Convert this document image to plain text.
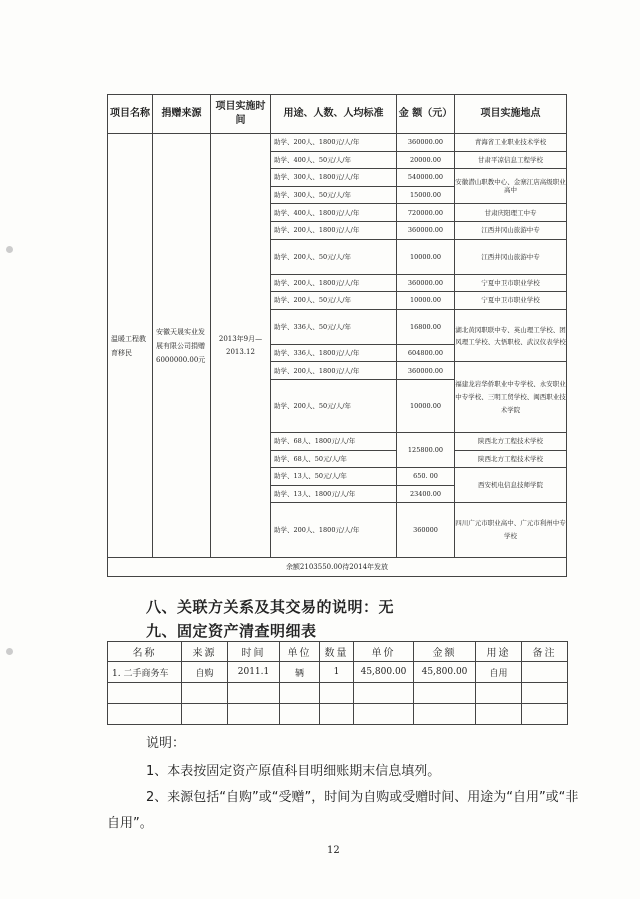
项目名称	捐赠来源	项目实施时间	用途、人数、人均标准	金 额（元）	项目实施地点
温暖工程教育移民	安徽天晟实业发展有限公司捐赠6000000.00元	2013年9月—2013.12	助学、200人、1800元/人/年	360000.00	青海省工业职业技术学校
			助学、400人、50元/人/年	20000.00	甘肃平凉信息工程学校
			助学、300人、1800元/人/年	540000.00	安徽潜山职教中心、金寨江店高级职业高中
			助学、300人、50元/人/年	15000.00	
			助学、400人、1800元/人/年	720000.00	甘肃庆阳理工中专
			助学、200人、1800元/人/年	360000.00	江西井冈山旅游中专
			助学、200人、50元/人/年	10000.00	江西井冈山旅游中专
			助学、200人、1800元/人/年	360000.00	宁夏中卫市职业学校
			助学、200人、50元/人/年	10000.00	宁夏中卫市职业学校
			助学、336人、50元/人/年	16800.00	湖北黄冈职联中专、英山理工学校、团风理工学校、大悟职校、武汉仪表学校
			助学、336人、1800元/人/年	604800.00	
			助学、200人、1800元/人/年	360000.00	福建龙岩华侨职业中专学校、永安职业中专学校、三明工贸学校、闽西职业技术学院
			助学、200人、50元/人/年	10000.00	
			助学、68人、1800元/人/年	125800.00	陕西北方工程技术学校
			助学、68人、50元/人/年		陕西北方工程技术学校
			助学、13人、50元/人/年	650. 00	西安机电信息技师学院
			助学、13人、1800元/人/年	23400.00	
			助学、200人、1800元/人/年	360000	四川广元市职业高中、广元市利州中专学校
余额2103550.00待2014年发放					
八、关联方关系及其交易的说明：无
九、固定资产清查明细表
名称	来源	时间	单位	数量	单价	金额	用途	备注
1. 二手商务车	自购	2011.1	辆	1	45,800.00	45,800.00	自用	

说明：
1、本表按固定资产原值科目明细账期末信息填列。
2、来源包括“自购”或“受赠”，时间为自购或受赠时间、用途为“自用”或“非
自用”。
12
